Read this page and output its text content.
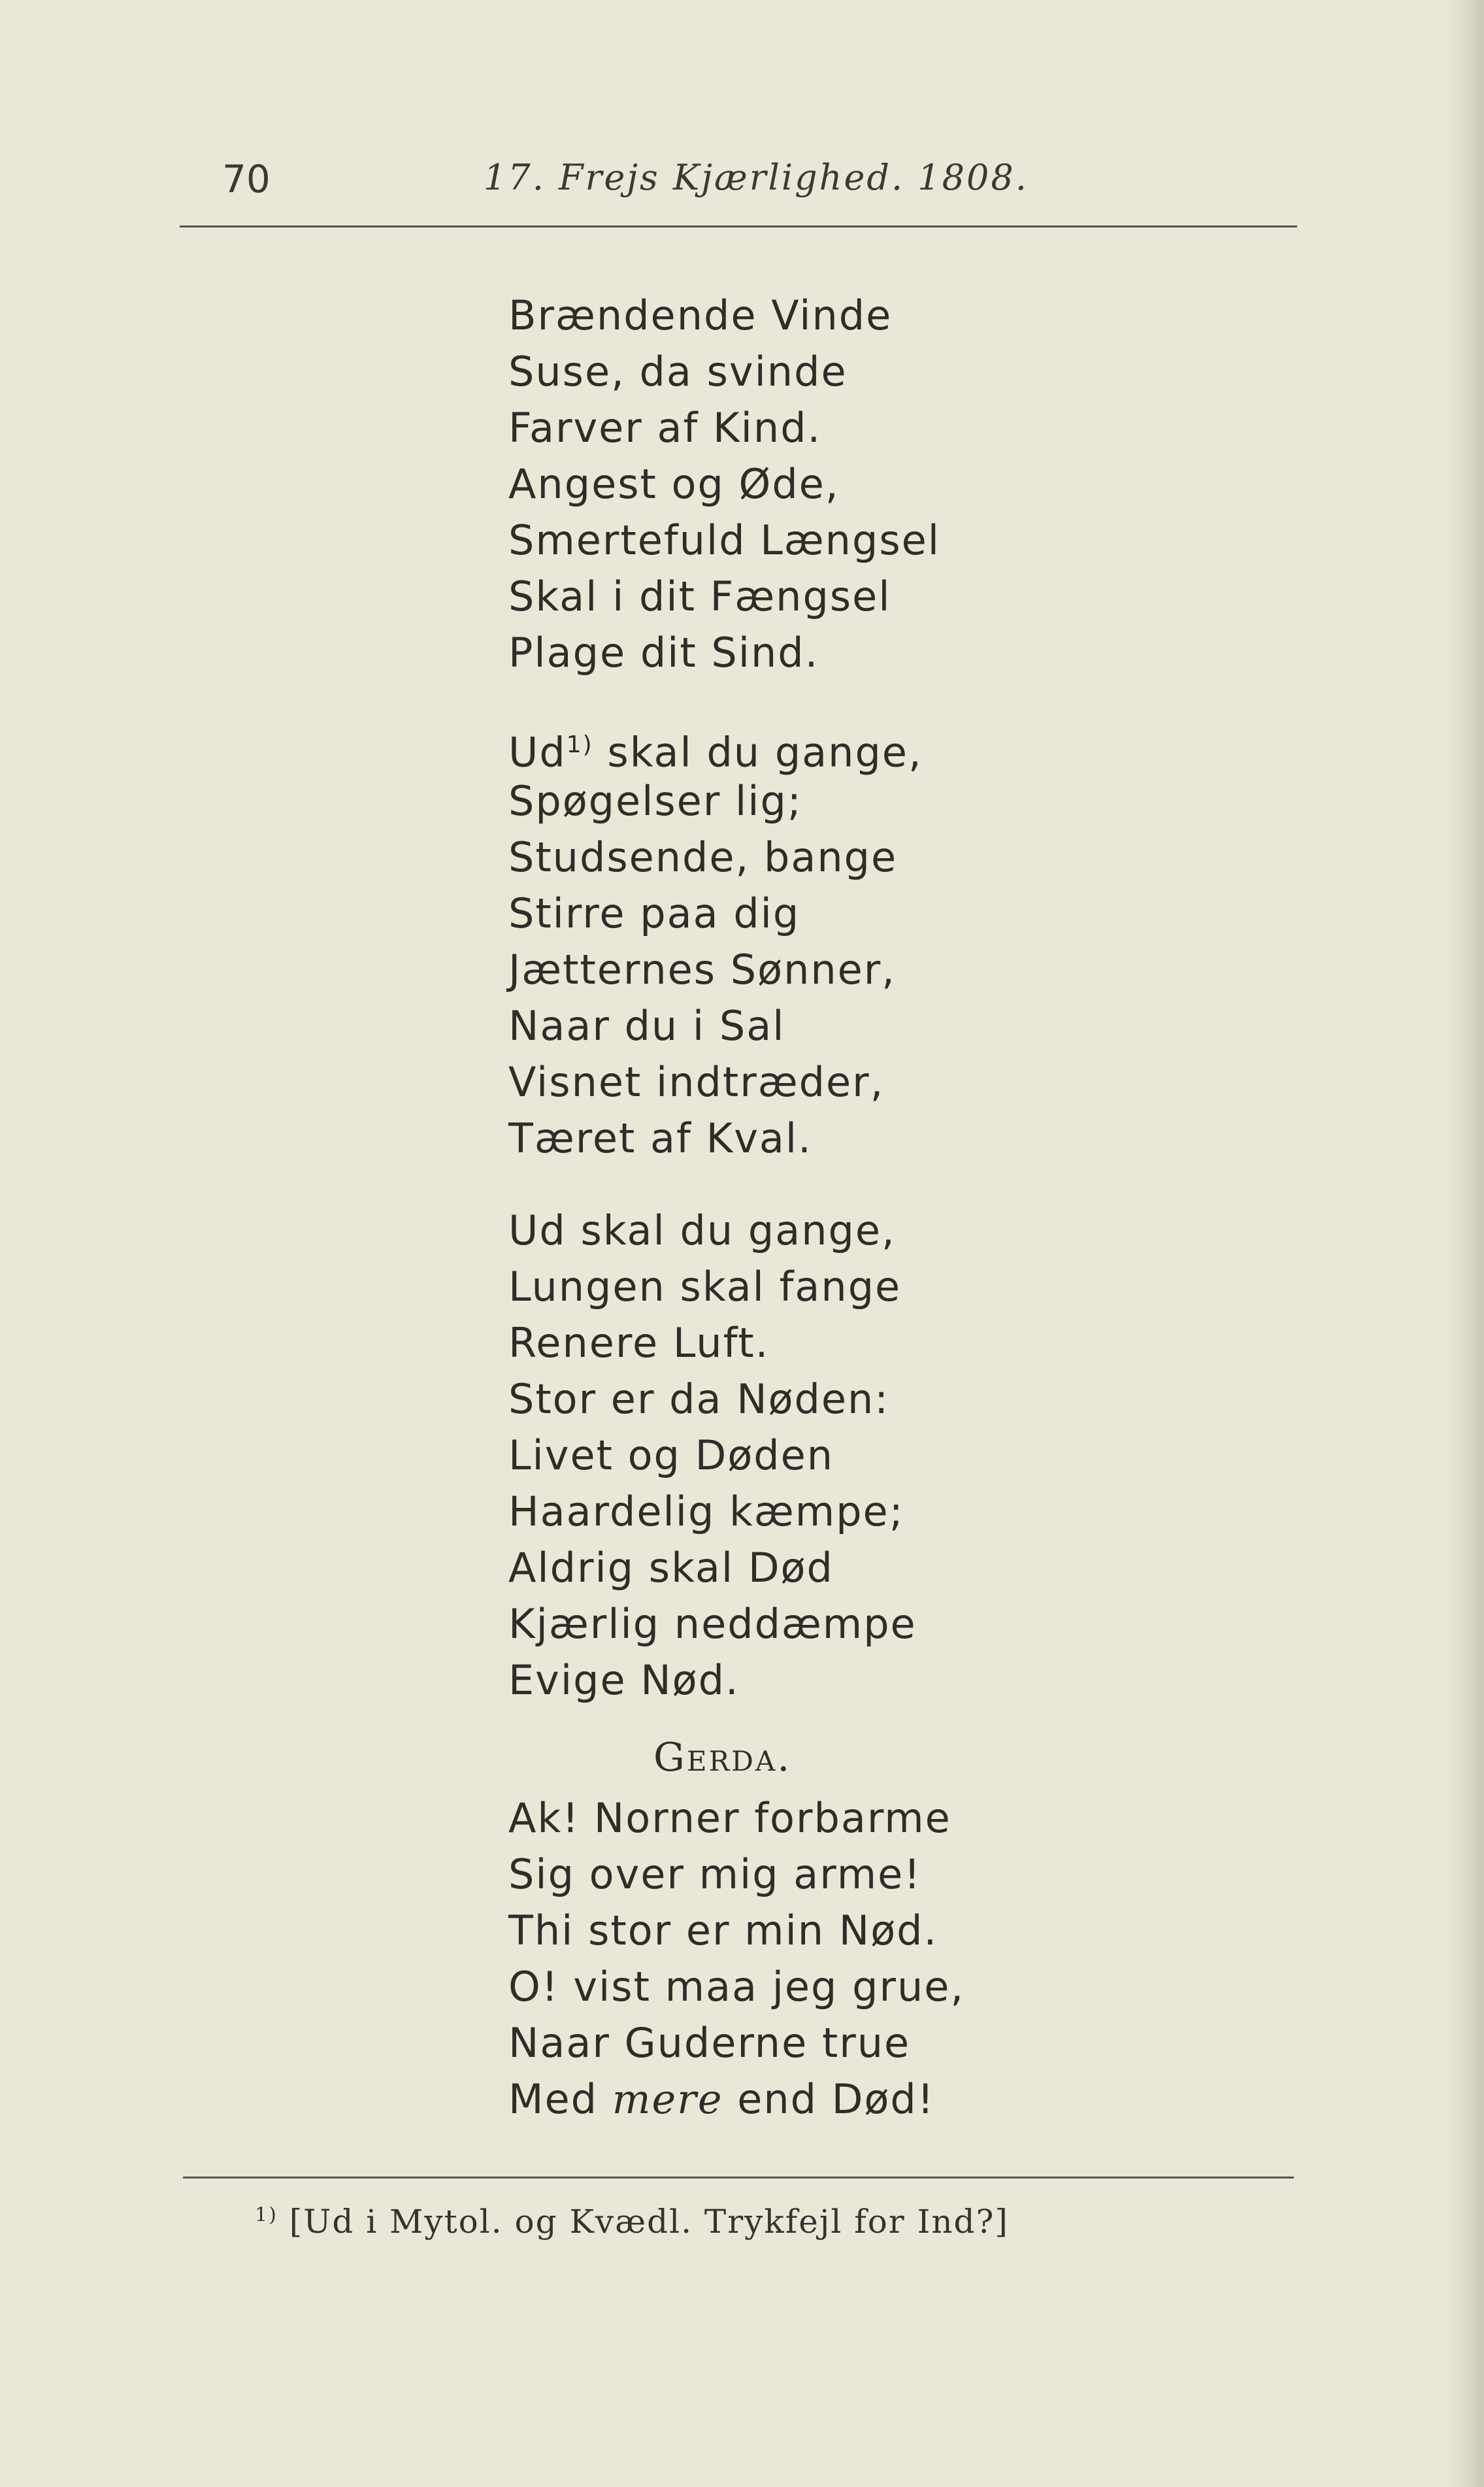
70	17. Frejs Kjærlighed. 1808.
Brændende Vinde
Suse, da svinde
Farver af Kind.
Angest og Øde,
Smertefuld Længsel
Skal i dit Fængsel
Plage dit Sind.
Ud$^{1)}$ skal du gange,
Spøgelser lig;
Studsende, bange
Stirre paa dig
Jætternes Sønner,
Naar du i Sal
Visnet indtræder,
Tæret af Kval.
Ud skal du gange,
Lungen skal fange
Renere Luft.
Stor er da Nøden:
Livet og Døden
Haardelig kæmpe;
Aldrig skal Død
Kjærlig neddæmpe
Evige Nød.
Gerda.
Ak! Norner forbarme
Sig over mig arme!
Thi stor er min Nød.
O! vist maa jeg grue,
Naar Guderne true
Med mere end Død!
$^{1)}$ [Ud i Mytol. og Kvædl. Trykfejl for Ind?]
